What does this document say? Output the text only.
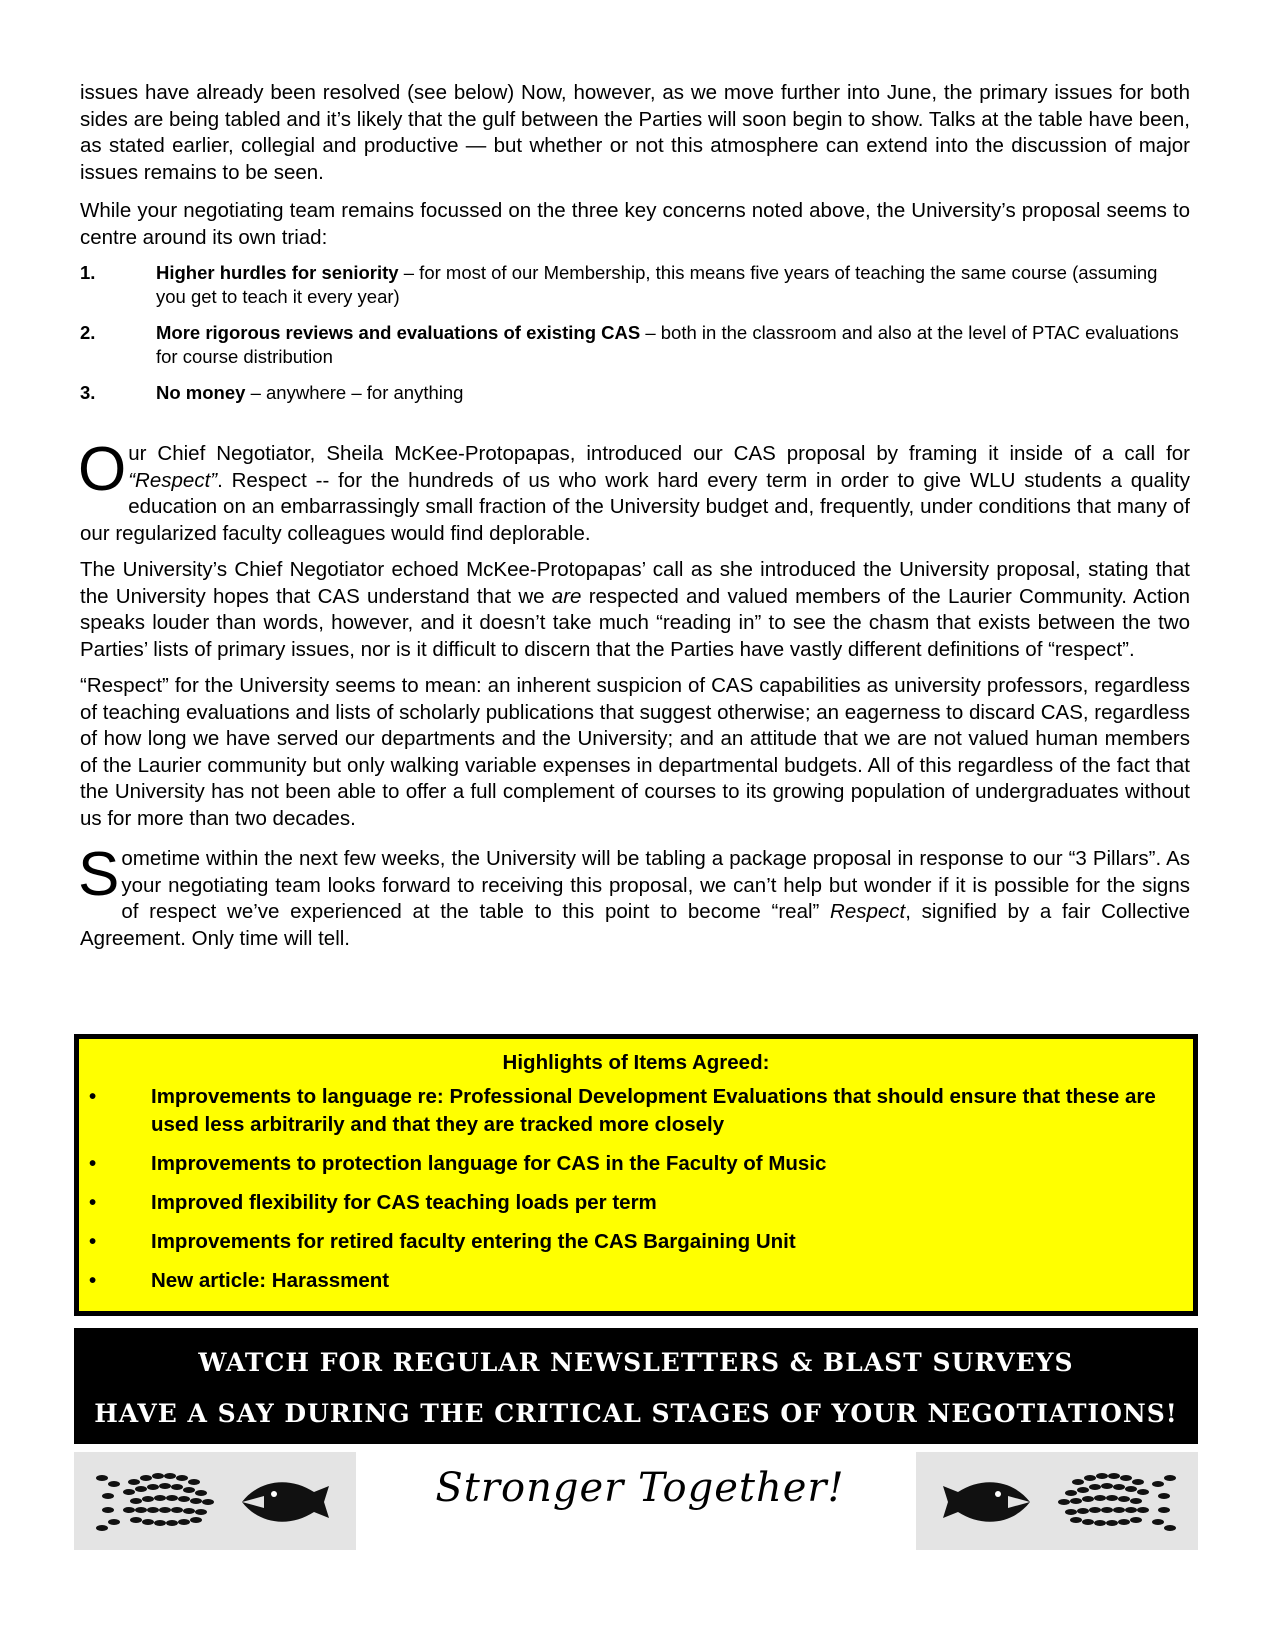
issues have already been resolved (see below) Now, however, as we move further into June, the primary issues for both sides are being tabled and it’s likely that the gulf between the Parties will soon begin to show. Talks at the table have been, as stated earlier, collegial and productive — but whether or not this atmosphere can extend into the discussion of major issues remains to be seen.

While your negotiating team remains focussed on the three key concerns noted above, the University’s proposal seems to centre around its own triad:

1.	Higher hurdles for seniority – for most of our Membership, this means five years of teaching the same course (assuming you get to teach it every year)
2.	More rigorous reviews and evaluations of existing CAS – both in the classroom and also at the level of PTAC evaluations for course distribution
3.	No money – anywhere – for anything

Our Chief Negotiator, Sheila McKee-Protopapas, introduced our CAS proposal by framing it inside of a call for “Respect”. Respect -- for the hundreds of us who work hard every term in order to give WLU students a quality education on an embarrassingly small fraction of the University budget and, frequently, under conditions that many of our regularized faculty colleagues would find deplorable.

The University’s Chief Negotiator echoed McKee-Protopapas’ call as she introduced the University proposal, stating that the University hopes that CAS understand that we are respected and valued members of the Laurier Community. Action speaks louder than words, however, and it doesn’t take much “reading in” to see the chasm that exists between the two Parties’ lists of primary issues, nor is it difficult to discern that the Parties have vastly different definitions of “respect”.

“Respect” for the University seems to mean: an inherent suspicion of CAS capabilities as university professors, regardless of teaching evaluations and lists of scholarly publications that suggest otherwise; an eagerness to discard CAS, regardless of how long we have served our departments and the University; and an attitude that we are not valued human members of the Laurier community but only walking variable expenses in departmental budgets. All of this regardless of the fact that the University has not been able to offer a full complement of courses to its growing population of undergraduates without us for more than two decades.

Sometime within the next few weeks, the University will be tabling a package proposal in response to our “3 Pillars”. As your negotiating team looks forward to receiving this proposal, we can’t help but wonder if it is possible for the signs of respect we’ve experienced at the table to this point to become “real” Respect, signified by a fair Collective Agreement. Only time will tell.

Highlights of Items Agreed:
•	Improvements to language re: Professional Development Evaluations that should ensure that these are used less arbitrarily and that they are tracked more closely
•	Improvements to protection language for CAS in the Faculty of Music
•	Improved flexibility for CAS teaching loads per term
•	Improvements for retired faculty entering the CAS Bargaining Unit
•	New article: Harassment
WATCH FOR REGULAR NEWSLETTERS & BLAST SURVEYS
HAVE A SAY DURING THE CRITICAL STAGES OF YOUR NEGOTIATIONS!
Stronger Together!
